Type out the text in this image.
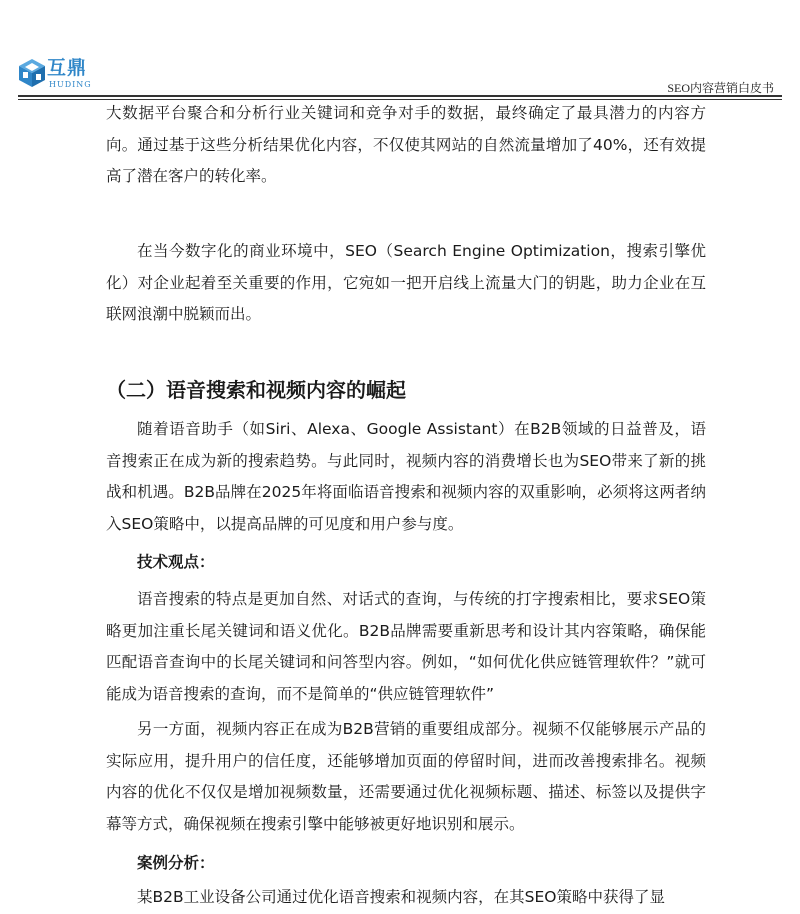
互鼎
HUDING	SEO内容营销白皮书

大数据平台聚合和分析行业关键词和竞争对手的数据，最终确定了最具潜力的内容方向。通过基于这些分析结果优化内容，不仅使其网站的自然流量增加了40%，还有效提高了潜在客户的转化率。

在当今数字化的商业环境中，SEO（Search Engine Optimization，搜索引擎优化）对企业起着至关重要的作用，它宛如一把开启线上流量大门的钥匙，助力企业在互联网浪潮中脱颖而出。

（二）语音搜索和视频内容的崛起

随着语音助手（如Siri、Alexa、Google Assistant）在B2B领域的日益普及，语音搜索正在成为新的搜索趋势。与此同时，视频内容的消费增长也为SEO带来了新的挑战和机遇。B2B品牌在2025年将面临语音搜索和视频内容的双重影响，必须将这两者纳入SEO策略中，以提高品牌的可见度和用户参与度。

技术观点：

语音搜索的特点是更加自然、对话式的查询，与传统的打字搜索相比，要求SEO策略更加注重长尾关键词和语义优化。B2B品牌需要重新思考和设计其内容策略，确保能匹配语音查询中的长尾关键词和问答型内容。例如，“如何优化供应链管理软件？”就可能成为语音搜索的查询，而不是简单的“供应链管理软件”

另一方面，视频内容正在成为B2B营销的重要组成部分。视频不仅能够展示产品的实际应用，提升用户的信任度，还能够增加页面的停留时间，进而改善搜索排名。视频内容的优化不仅仅是增加视频数量，还需要通过优化视频标题、描述、标签以及提供字幕等方式，确保视频在搜索引擎中能够被更好地识别和展示。

案例分析：

某B2B工业设备公司通过优化语音搜索和视频内容，在其SEO策略中获得了显
